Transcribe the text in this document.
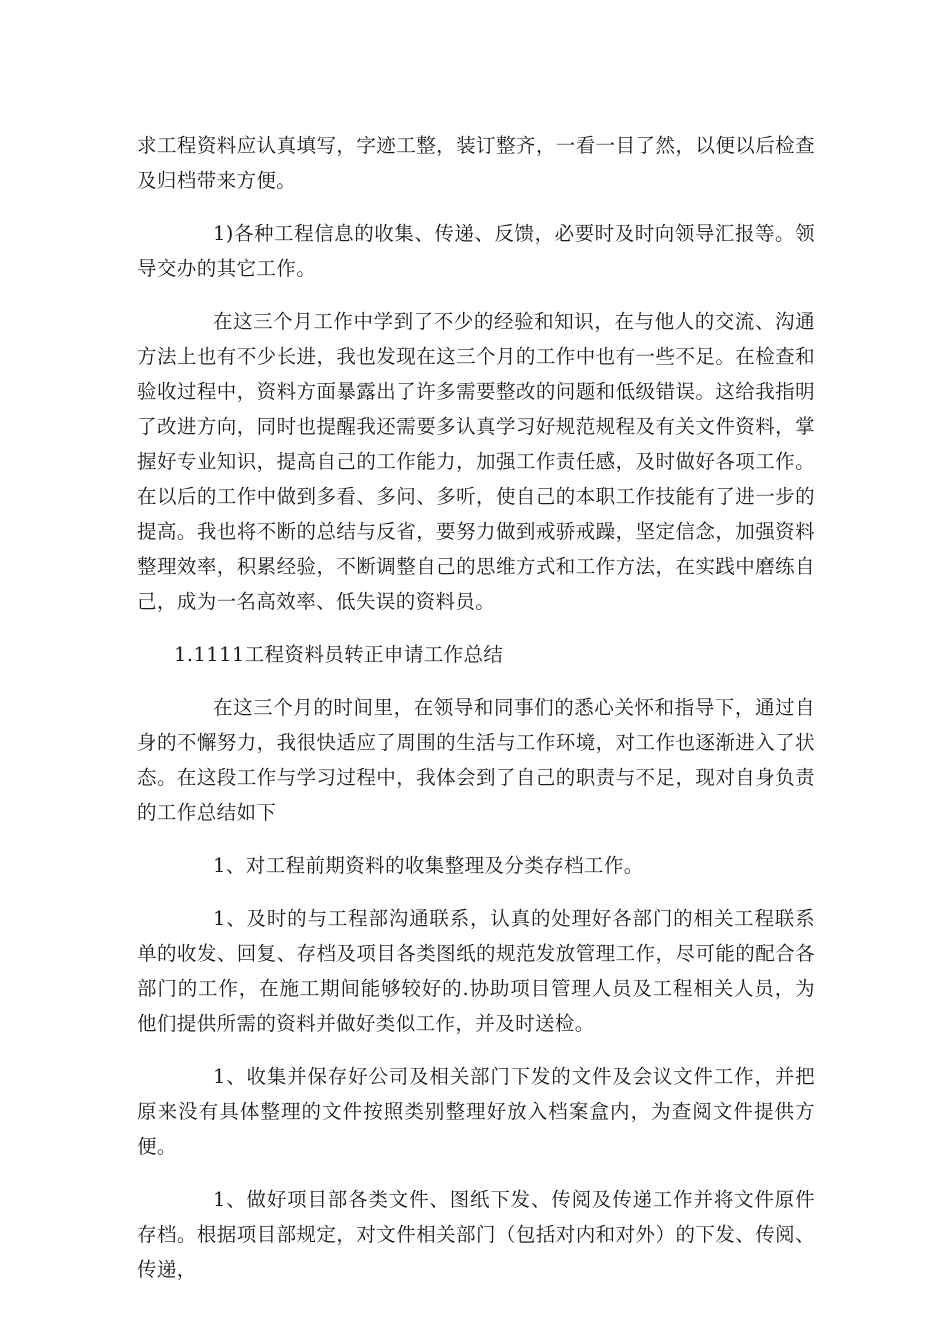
求工程资料应认真填写，字迹工整，装订整齐，一看一目了然，以便以后检查及归档带来方便。

1)各种工程信息的收集、传递、反馈，必要时及时向领导汇报等。领导交办的其它工作。

在这三个月工作中学到了不少的经验和知识，在与他人的交流、沟通方法上也有不少长进，我也发现在这三个月的工作中也有一些不足。在检查和验收过程中，资料方面暴露出了许多需要整改的问题和低级错误。这给我指明了改进方向，同时也提醒我还需要多认真学习好规范规程及有关文件资料，掌握好专业知识，提高自己的工作能力，加强工作责任感，及时做好各项工作。在以后的工作中做到多看、多问、多听，使自己的本职工作技能有了进一步的提高。我也将不断的总结与反省，要努力做到戒骄戒躁，坚定信念，加强资料整理效率，积累经验，不断调整自己的思维方式和工作方法，在实践中磨练自己，成为一名高效率、低失误的资料员。

1.1111工程资料员转正申请工作总结

在这三个月的时间里，在领导和同事们的悉心关怀和指导下，通过自身的不懈努力，我很快适应了周围的生活与工作环境，对工作也逐渐进入了状态。在这段工作与学习过程中，我体会到了自己的职责与不足，现对自身负责的工作总结如下

1、对工程前期资料的收集整理及分类存档工作。

1、及时的与工程部沟通联系，认真的处理好各部门的相关工程联系单的收发、回复、存档及项目各类图纸的规范发放管理工作，尽可能的配合各部门的工作，在施工期间能够较好的.协助项目管理人员及工程相关人员，为他们提供所需的资料并做好类似工作，并及时送检。

1、收集并保存好公司及相关部门下发的文件及会议文件工作，并把原来没有具体整理的文件按照类别整理好放入档案盒内，为查阅文件提供方便。

1、做好项目部各类文件、图纸下发、传阅及传递工作并将文件原件存档。根据项目部规定，对文件相关部门（包括对内和对外）的下发、传阅、传递，
